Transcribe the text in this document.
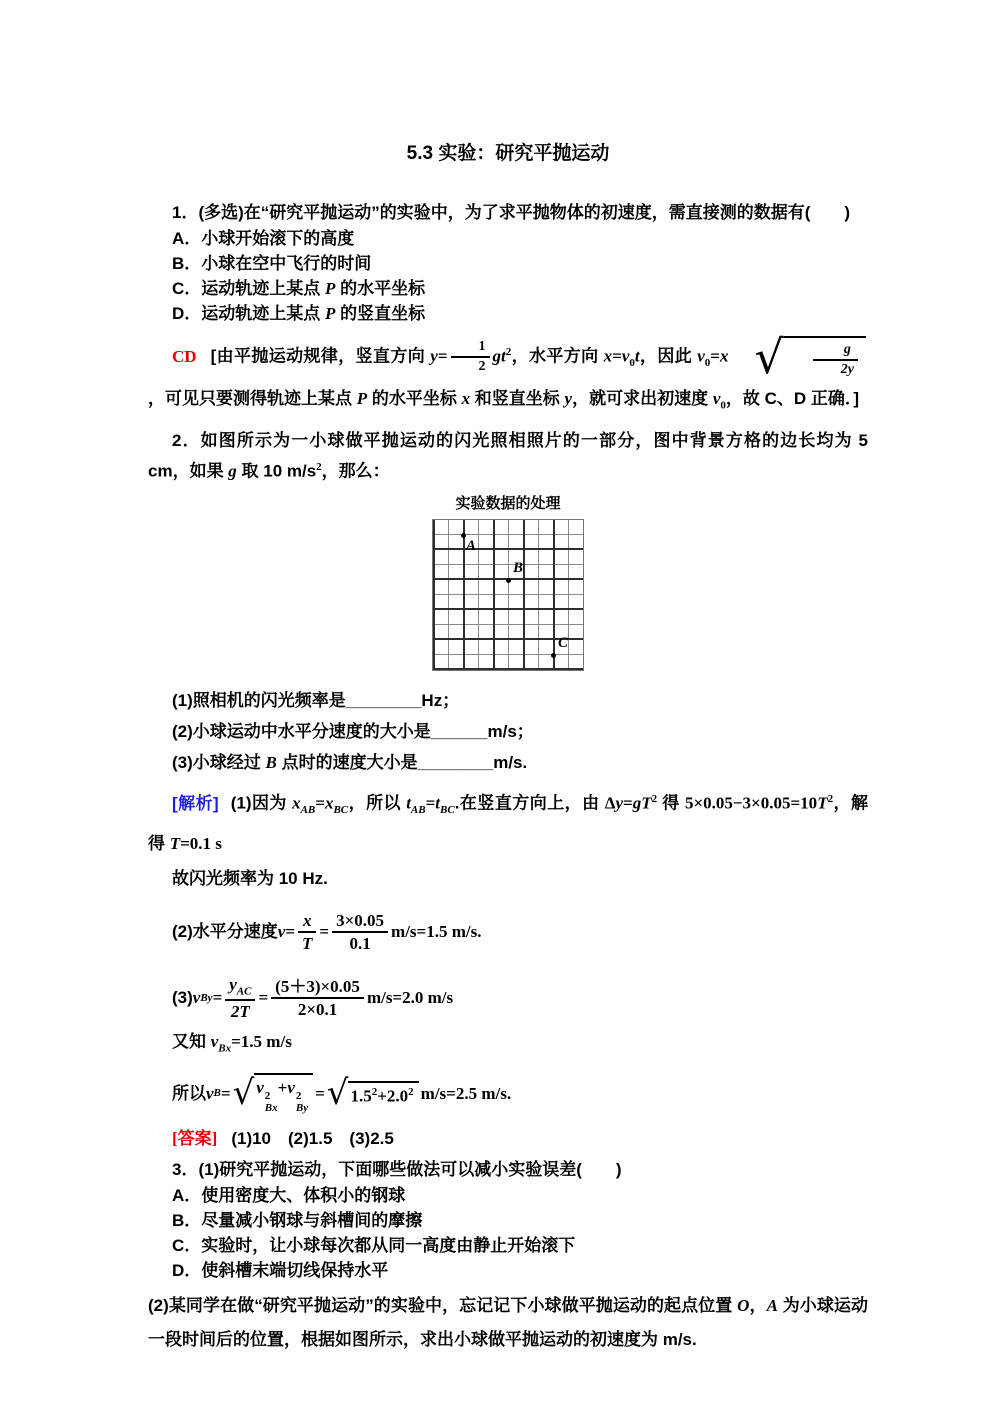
5.3 实验：研究平抛运动

1．(多选)在“研究平抛运动”的实验中，为了求平抛物体的初速度，需直接测的数据有(　　)

A．小球开始滚下的高度

B．小球在空中飞行的时间

C．运动轨迹上某点 P 的水平坐标

D．运动轨迹上某点 P 的竖直坐标

CD [由平抛运动规律，竖直方向 $y= \frac{1}{2} gt^2$，水平方向 $x=v_0t$，因此 $v_0=x$ √ $\frac{g}{2y}$
，可见只要测得轨迹上某点 P 的水平坐标 x 和竖直坐标 y，就可求出初速度 $v_0$，故 C、D 正确．]

2．如图所示为一小球做平抛运动的闪光照相照片的一部分，图中背景方格的边长均为 5 cm，如果 g 取 10 $m/s^2$，那么：

实验数据的处理
A
B
C

(1)照相机的闪光频率是________Hz；

(2)小球运动中水平分速度的大小是______m/s；

(3)小球经过 B 点时的速度大小是________m/s.

[解析] (1)因为 $x_{AB}=x_{BC}$，所以 $t_{AB}=t_{BC}$.在竖直方向上，由 $\Delta y=gT^2$ 得 $5\times 0.05-3\times 0.05=10T^2$，解得 T=0.1 s

故闪光频率为 10 Hz.

(2)水平分速度 $v = \frac{x}{T} = \frac{3\times 0.05}{0.1} m/s=1.5$ m/s.
(3) v $By = \frac{y_{AC}}{2T} = \frac{(5+3)\times 0.05}{2\times 0.1} m/s=2.0$ m/s

又知 $v_{Bx}=1.5$ m/s

所以 v B = √ v 2
Bx
+v 2
By
= √ $1.5^2+2.0^2$ m/s=2.5 m/s.

[答案] (1)10　(2)1.5　(3)2.5

3．(1)研究平抛运动，下面哪些做法可以减小实验误差(　　)

A．使用密度大、体积小的钢球

B．尽量减小钢球与斜槽间的摩擦

C．实验时，让小球每次都从同一高度由静止开始滚下

D．使斜槽末端切线保持水平

(2)某同学在做“研究平抛运动”的实验中，忘记记下小球做平抛运动的起点位置 O，A 为小球运动一段时间后的位置，根据如图所示，求出小球做平抛运动的初速度为 m/s.
